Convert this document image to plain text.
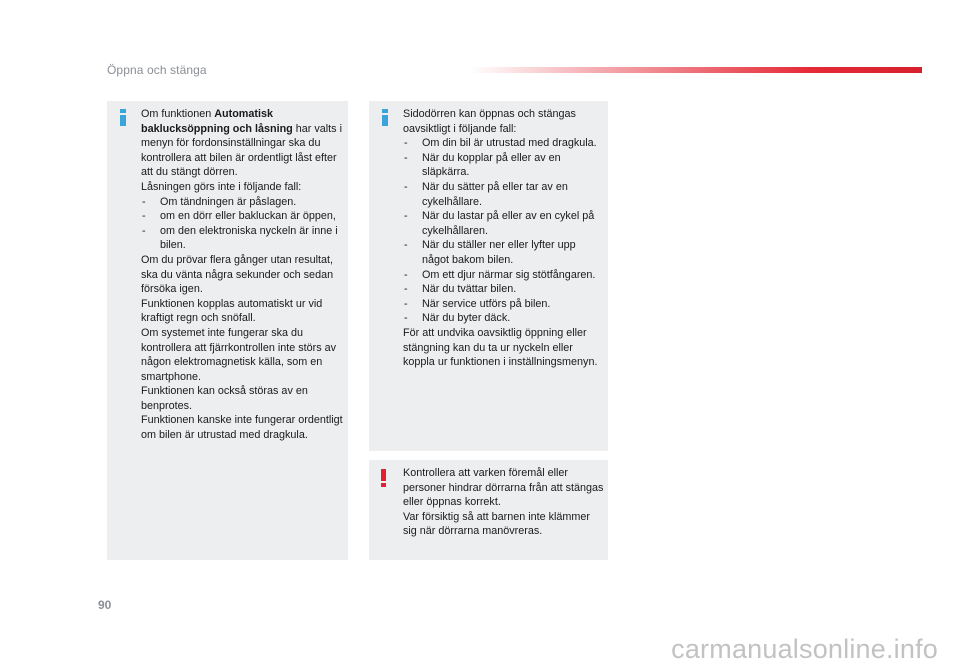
Öppna och stänga

Om funktionen Automatisk baklucksöppning och låsning har valts i menyn för fordonsinställningar ska du kontrollera att bilen är ordentligt låst efter att du stängt dörren.

Låsningen görs inte i följande fall:

- Om tändningen är påslagen.
- om en dörr eller bakluckan är öppen,
- om den elektroniska nyckeln är inne i bilen.

Om du prövar flera gånger utan resultat, ska du vänta några sekunder och sedan försöka igen.

Funktionen kopplas automatiskt ur vid kraftigt regn och snöfall.

Om systemet inte fungerar ska du kontrollera att fjärrkontrollen inte störs av någon elektromagnetisk källa, som en smartphone.

Funktionen kan också störas av en benprotes.

Funktionen kanske inte fungerar ordentligt om bilen är utrustad med dragkula.

Sidodörren kan öppnas och stängas oavsiktligt i följande fall:

- Om din bil är utrustad med dragkula.
- När du kopplar på eller av en släpkärra.
- När du sätter på eller tar av en cykelhållare.
- När du lastar på eller av en cykel på cykelhållaren.
- När du ställer ner eller lyfter upp något bakom bilen.
- Om ett djur närmar sig stötfångaren.
- När du tvättar bilen.
- När service utförs på bilen.
- När du byter däck.

För att undvika oavsiktlig öppning eller stängning kan du ta ur nyckeln eller koppla ur funktionen i inställningsmenyn.

Kontrollera att varken föremål eller personer hindrar dörrarna från att stängas eller öppnas korrekt.

Var försiktig så att barnen inte klämmer sig när dörrarna manövreras.

90
carmanualsonline.info
